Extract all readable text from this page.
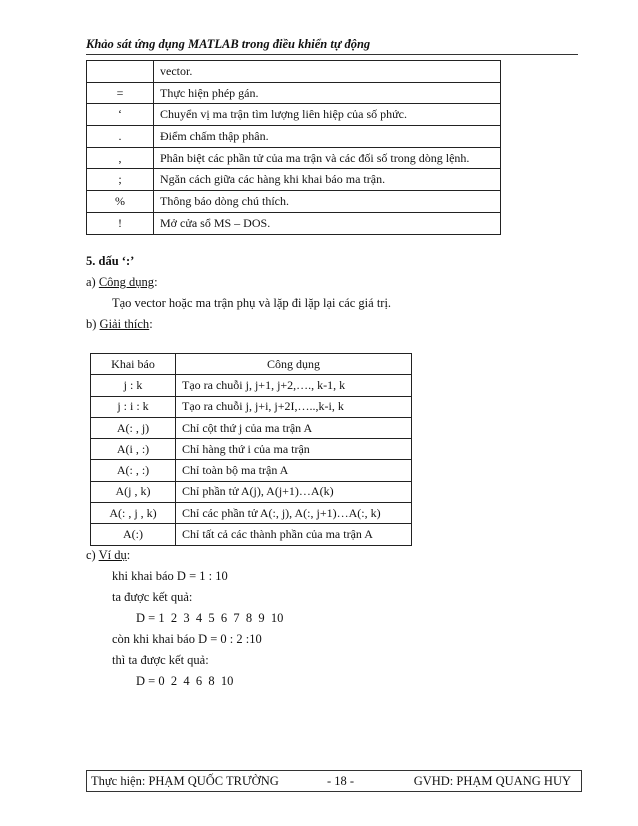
Khảo sát ứng dụng MATLAB trong điều khiển tự động
	vector.
=	Thực hiện phép gán.
‘	Chuyển vị ma trận tìm lượng liên hiệp của số phức.
.	Điểm chấm thập phân.
,	Phân biệt các phần tử của ma trận và các đối số trong dòng lệnh.
;	Ngăn cách giữa các hàng khi khai báo ma trận.
%	Thông báo dòng chú thích.
!	Mở cửa sổ MS – DOS.
5. dấu ‘:’
a) Công dụng:
Tạo vector hoặc ma trận phụ và lặp đi lặp lại các giá trị.
b) Giải thích:
Khai báo	Công dụng
j : k	Tạo ra chuỗi j, j+1, j+2,…., k-1, k
j : i : k	Tạo ra chuỗi j, j+i, j+2I,…..,k-i, k
A(: , j)	Chỉ cột thứ j của ma trận A
A(i , :)	Chỉ hàng thứ i của ma trận
A(: , :)	Chỉ toàn bộ ma trận A
A(j , k)	Chỉ phần tử A(j), A(j+1)…A(k)
A(: , j , k)	Chỉ các phần tử A(:, j), A(:, j+1)…A(:, k)
A(:)	Chỉ tất cả các thành phần của ma trận A
c) Ví dụ:
khi khai báo D = 1 : 10
ta được kết quả:
D = 1  2  3  4  5  6  7  8  9  10
còn khi khai báo D = 0 : 2 :10
thì ta được kết quả:
D = 0  2  4  6  8  10
Thực hiện: PHẠM QUỐC TRƯỜNG	- 18 -	GVHD: PHẠM QUANG HUY
